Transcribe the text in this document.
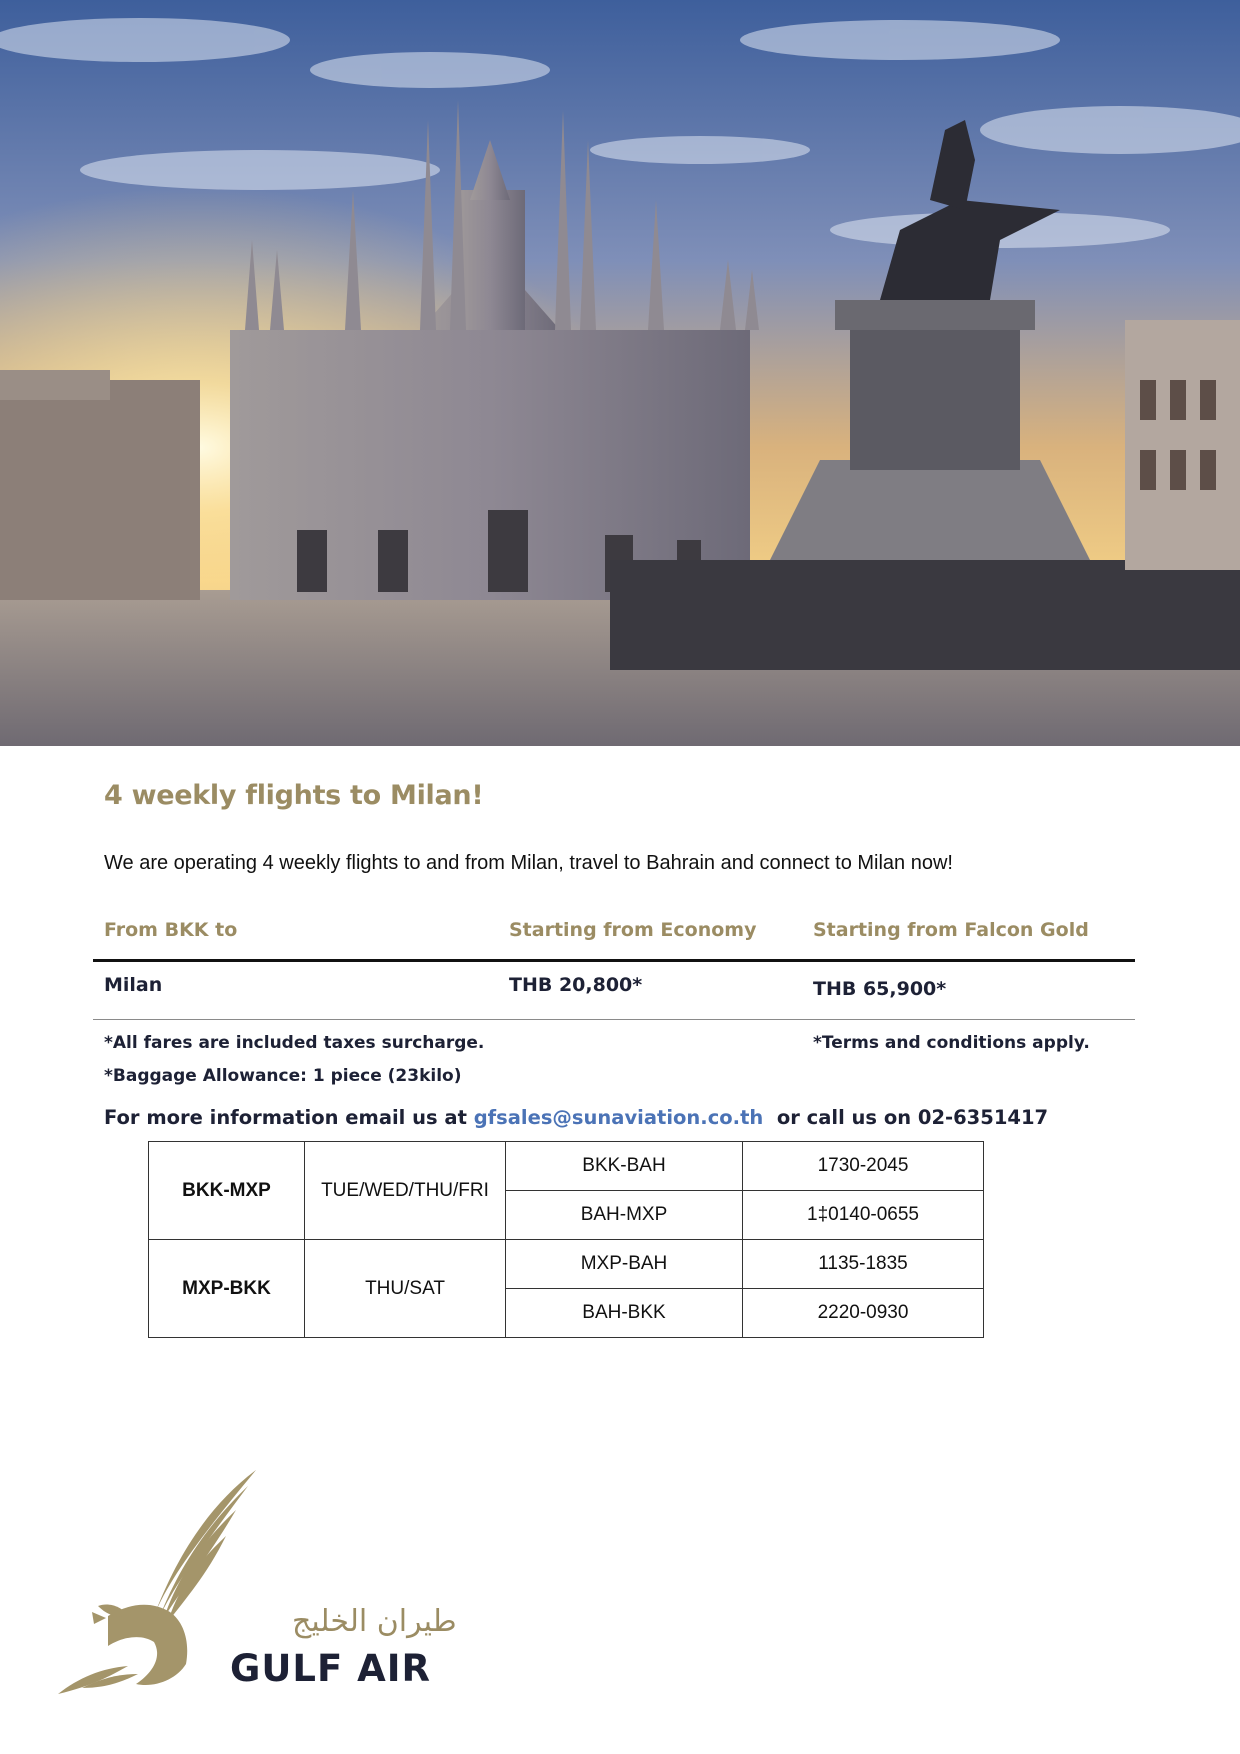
4 weekly flights to Milan!

We are operating 4 weekly flights to and from Milan, travel to Bahrain and connect to Milan now!

From BKK to	Starting from Economy	Starting from Falcon Gold
Milan	THB 20,800*	THB 65,900*
*All fares are included taxes surcharge.	*Terms and conditions apply.
*Baggage Allowance: 1 piece (23kilo)

For more information email us at gfsales@sunaviation.co.th  or call us on 02-6351417

BKK-MXP	TUE/WED/THU/FRI	BKK-BAH	1730-2045
		BAH-MXP	1‡0140-0655
MXP-BKK	THU/SAT	MXP-BAH	1135-1835
		BAH-BKK	2220-0930

طيران الخليج

GULF AIR
